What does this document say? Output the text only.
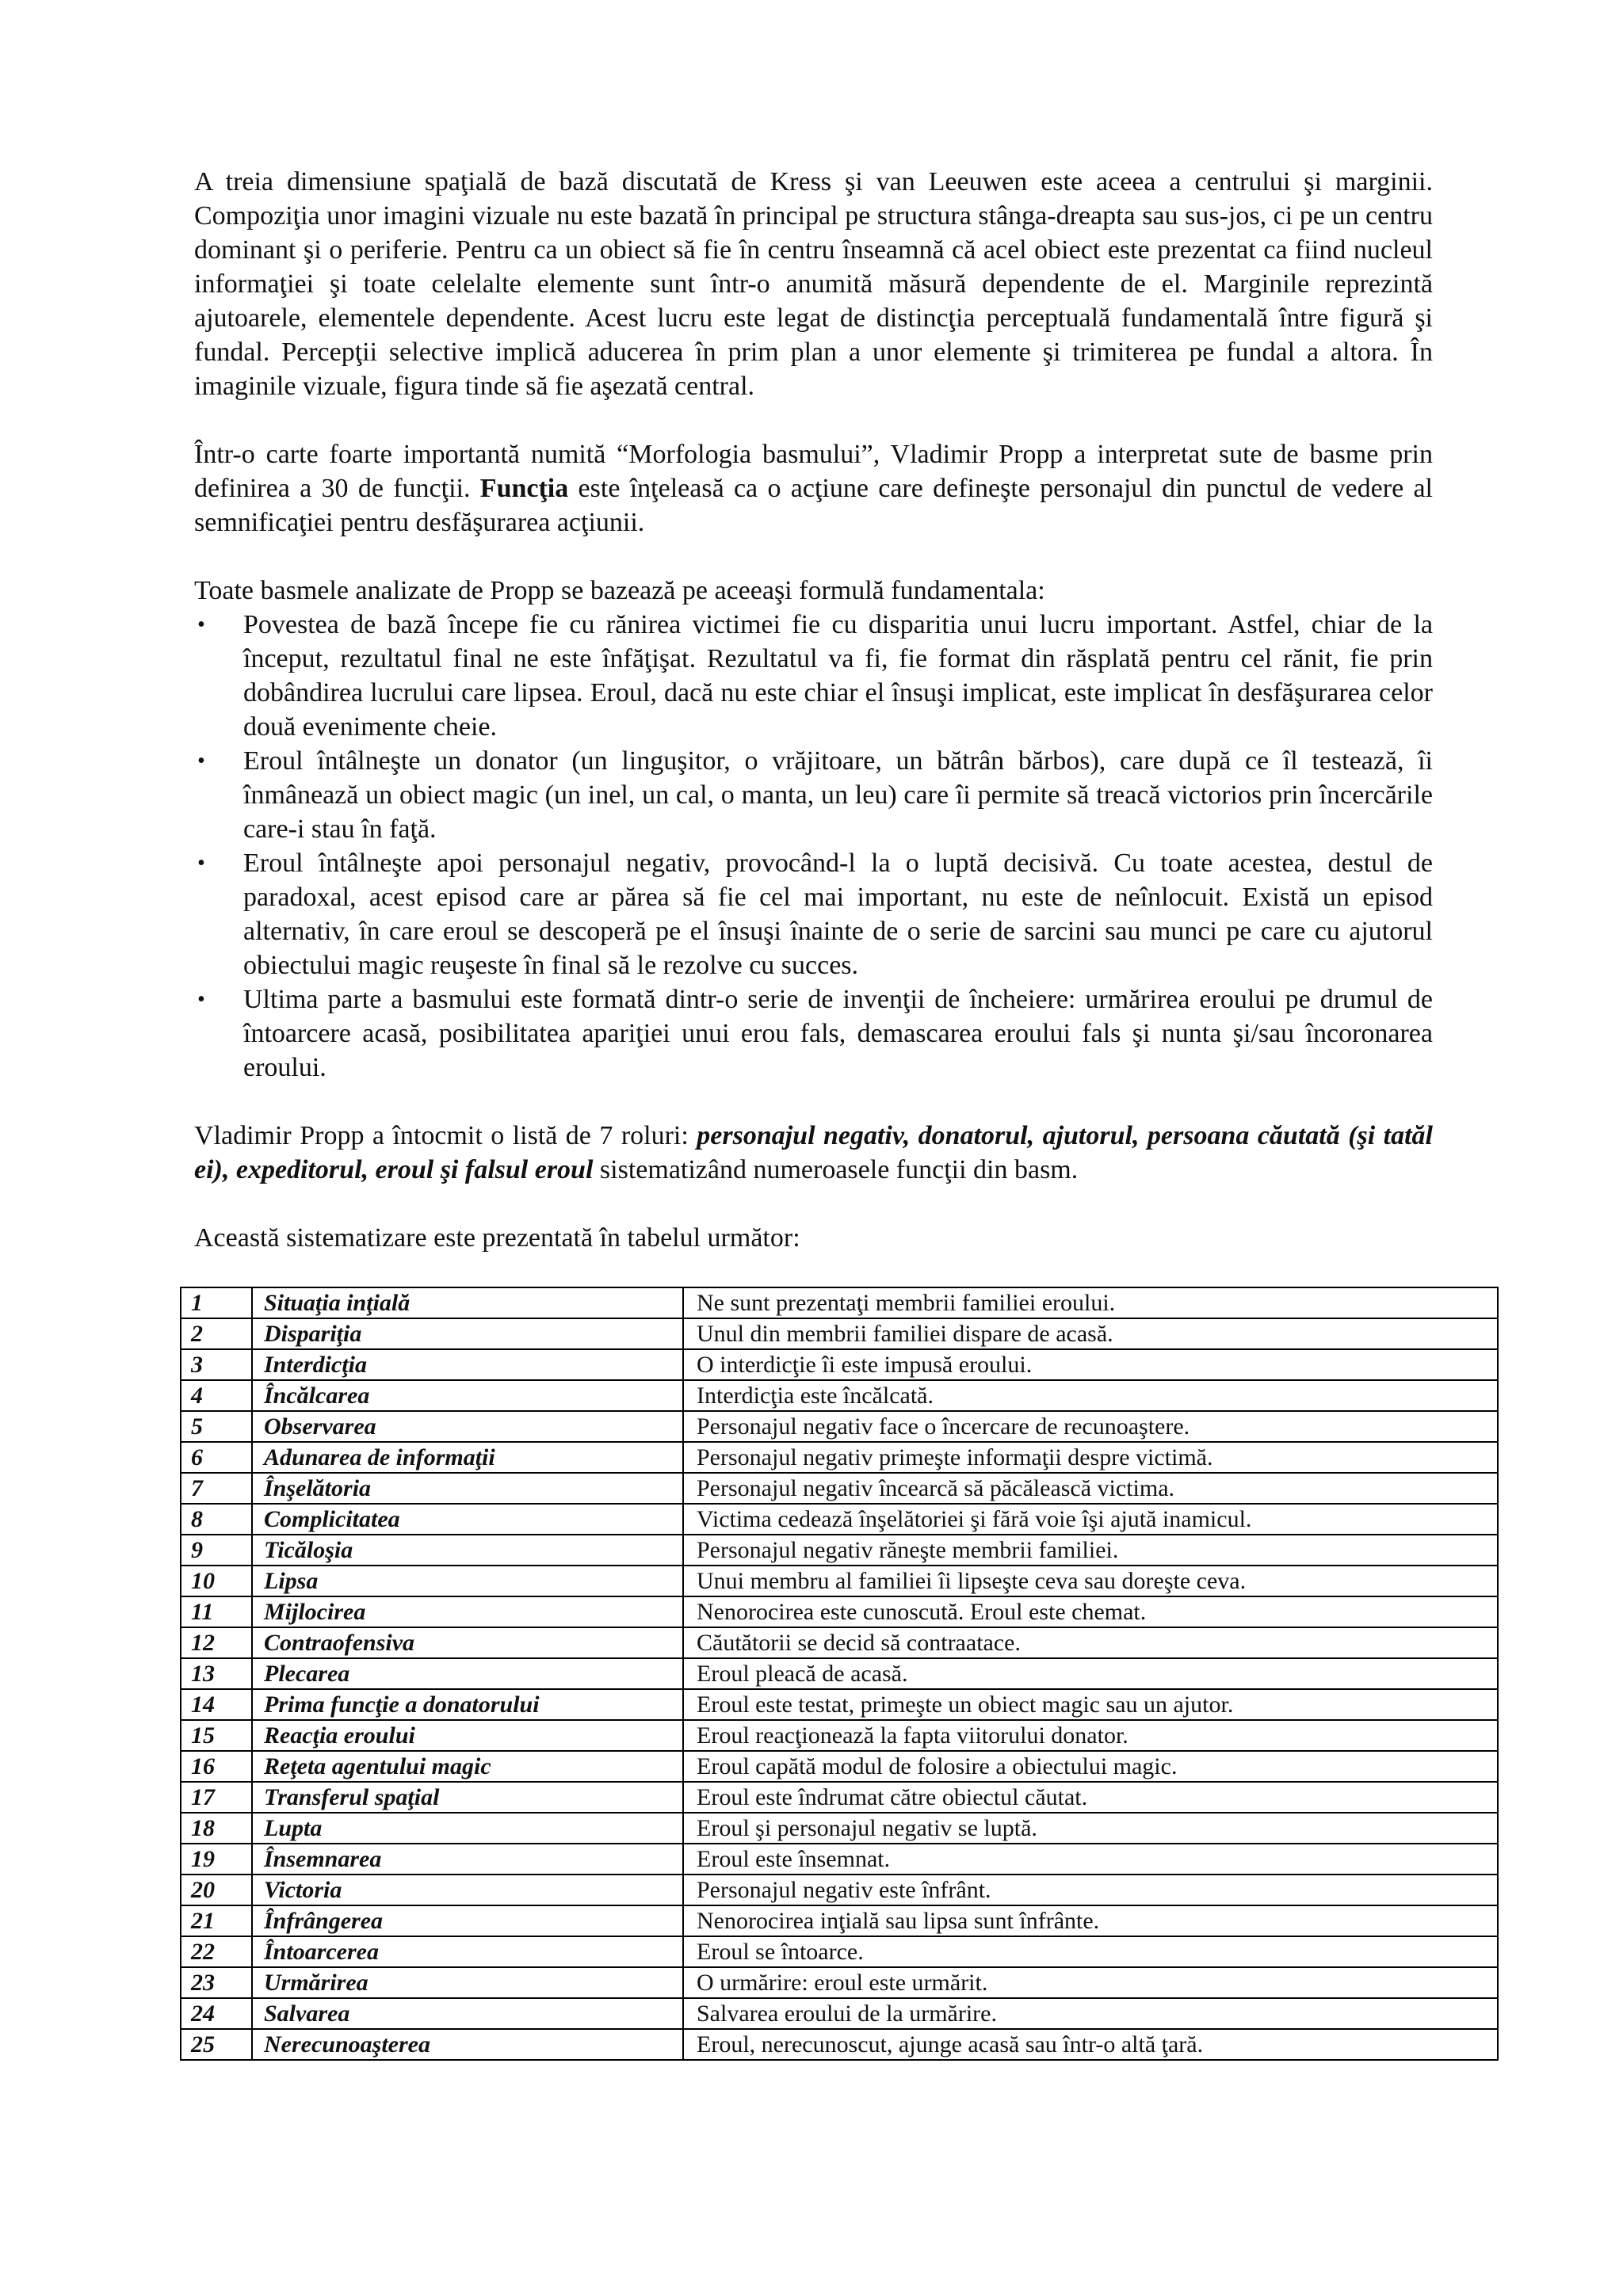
A treia dimensiune spaţială de bază discutată de Kress şi van Leeuwen este aceea a centrului şi marginii. Compoziţia unor imagini vizuale nu este bazată în principal pe structura stânga-dreapta sau sus-jos, ci pe un centru dominant şi o periferie. Pentru ca un obiect să fie în centru înseamnă că acel obiect este prezentat ca fiind nucleul informaţiei şi toate celelalte elemente sunt într-o anumită măsură dependente de el. Marginile reprezintă ajutoarele, elementele dependente. Acest lucru este legat de distincţia perceptuală fundamentală între figură şi fundal. Percepţii selective implică aducerea în prim plan a unor elemente şi trimiterea pe fundal a altora. În imaginile vizuale, figura tinde să fie aşezată central.

Într-o carte foarte importantă numită “Morfologia basmului”, Vladimir Propp a interpretat sute de basme prin definirea a 30 de funcţii. Funcţia este înţeleasă ca o acţiune care defineşte personajul din punctul de vedere al semnificaţiei pentru desfăşurarea acţiunii.

Toate basmele analizate de Propp se bazează pe aceeaşi formulă fundamentala:

• Povestea de bază începe fie cu rănirea victimei fie cu disparitia unui lucru important. Astfel, chiar de la început, rezultatul final ne este înfăţişat. Rezultatul va fi, fie format din răsplată pentru cel rănit, fie prin dobândirea lucrului care lipsea. Eroul, dacă nu este chiar el însuşi implicat, este implicat în desfăşurarea celor două evenimente cheie.
• Eroul întâlneşte un donator (un linguşitor, o vrăjitoare, un bătrân bărbos), care după ce îl testează, îi înmânează un obiect magic (un inel, un cal, o manta, un leu) care îi permite să treacă victorios prin încercările care-i stau în faţă.
• Eroul întâlneşte apoi personajul negativ, provocând-l la o luptă decisivă. Cu toate acestea, destul de paradoxal, acest episod care ar părea să fie cel mai important, nu este de neînlocuit. Există un episod alternativ, în care eroul se descoperă pe el însuşi înainte de o serie de sarcini sau munci pe care cu ajutorul obiectului magic reuşeste în final să le rezolve cu succes.
• Ultima parte a basmului este formată dintr-o serie de invenţii de încheiere: urmărirea eroului pe drumul de întoarcere acasă, posibilitatea apariţiei unui erou fals, demascarea eroului fals şi nunta şi/sau încoronarea eroului.

Vladimir Propp a întocmit o listă de 7 roluri: personajul negativ, donatorul, ajutorul, persoana căutată (şi tatăl ei), expeditorul, eroul şi falsul eroul sistematizând numeroasele funcţii din basm.

Această sistematizare este prezentată în tabelul următor:

1	Situaţia inţială	Ne sunt prezentaţi membrii familiei eroului.
2	Dispariţia	Unul din membrii familiei dispare de acasă.
3	Interdicţia	O interdicţie îi este impusă eroului.
4	Încălcarea	Interdicţia este încălcată.
5	Observarea	Personajul negativ face o încercare de recunoaştere.
6	Adunarea de informaţii	Personajul negativ primeşte informaţii despre victimă.
7	Înşelătoria	Personajul negativ încearcă să păcălească victima.
8	Complicitatea	Victima cedează înşelătoriei şi fără voie îşi ajută inamicul.
9	Ticăloşia	Personajul negativ răneşte membrii familiei.
10	Lipsa	Unui membru al familiei îi lipseşte ceva sau doreşte ceva.
11	Mijlocirea	Nenorocirea este cunoscută. Eroul este chemat.
12	Contraofensiva	Căutătorii se decid să contraatace.
13	Plecarea	Eroul pleacă de acasă.
14	Prima funcţie a donatorului	Eroul este testat, primeşte un obiect magic sau un ajutor.
15	Reacţia eroului	Eroul reacţionează la fapta viitorului donator.
16	Reţeta agentului magic	Eroul capătă modul de folosire a obiectului magic.
17	Transferul spaţial	Eroul este îndrumat către obiectul căutat.
18	Lupta	Eroul şi personajul negativ se luptă.
19	Însemnarea	Eroul este însemnat.
20	Victoria	Personajul negativ este înfrânt.
21	Înfrângerea	Nenorocirea inţială sau lipsa sunt înfrânte.
22	Întoarcerea	Eroul se întoarce.
23	Urmărirea	O urmărire: eroul este urmărit.
24	Salvarea	Salvarea eroului de la urmărire.
25	Nerecunoaşterea	Eroul, nerecunoscut, ajunge acasă sau într-o altă ţară.
